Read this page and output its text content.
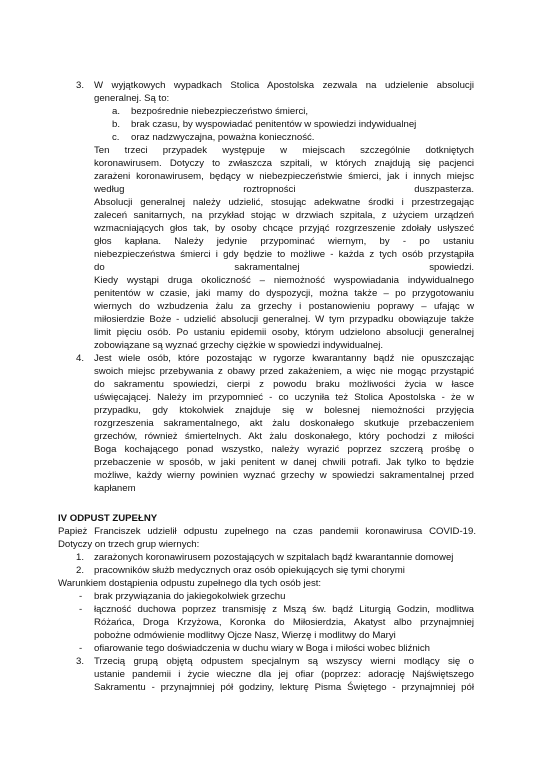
3. W wyjątkowych wypadkach Stolica Apostolska zezwala na udzielenie absolucji
generalnej. Są to:
a. bezpośrednie niebezpieczeństwo śmierci,
b. brak czasu, by wyspowiadać penitentów w spowiedzi indywidualnej
c. oraz nadzwyczajna, poważna konieczność.
Ten trzeci przypadek występuje w miejscach szczególnie dotkniętych
koronawirusem. Dotyczy to zwłaszcza szpitali, w których znajdują się pacjenci
zarażeni koronawirusem, będący w niebezpieczeństwie śmierci, jak i innych miejsc
według roztropności duszpasterza.
Absolucji generalnej należy udzielić, stosując adekwatne środki i przestrzegając
zaleceń sanitarnych, na przykład stojąc w drzwiach szpitala, z użyciem urządzeń
wzmacniających głos tak, by osoby chcące przyjąć rozgrzeszenie zdołały usłyszeć
głos kapłana. Należy jedynie przypominać wiernym, by - po ustaniu
niebezpieczeństwa śmierci i gdy będzie to możliwe - każda z tych osób przystąpiła
do sakramentalnej spowiedzi.
Kiedy wystąpi druga okoliczność – niemożność wyspowiadania indywidualnego
penitentów w czasie, jaki mamy do dyspozycji, można także – po przygotowaniu
wiernych do wzbudzenia żalu za grzechy i postanowieniu poprawy – ufając w
miłosierdzie Boże - udzielić absolucji generalnej. W tym przypadku obowiązuje także
limit pięciu osób. Po ustaniu epidemii osoby, którym udzielono absolucji generalnej
zobowiązane są wyznać grzechy ciężkie w spowiedzi indywidualnej.
4. Jest wiele osób, które pozostając w rygorze kwarantanny bądź nie opuszczając
swoich miejsc przebywania z obawy przed zakażeniem, a więc nie mogąc przystąpić
do sakramentu spowiedzi, cierpi z powodu braku możliwości życia w łasce
uświęcającej. Należy im przypomnieć - co uczyniła też Stolica Apostolska - że w
przypadku, gdy ktokolwiek znajduje się w bolesnej niemożności przyjęcia
rozgrzeszenia sakramentalnego, akt żalu doskonałego skutkuje przebaczeniem
grzechów, również śmiertelnych. Akt żalu doskonałego, który pochodzi z miłości
Boga kochającego ponad wszystko, należy wyrazić poprzez szczerą prośbę o
przebaczenie w sposób, w jaki penitent w danej chwili potrafi. Jak tylko to będzie
możliwe, każdy wierny powinien wyznać grzechy w spowiedzi sakramentalnej przed
kapłanem
IV ODPUST ZUPEŁNY
Papież Franciszek udzielił odpustu zupełnego na czas pandemii koronawirusa COVID-19.
Dotyczy on trzech grup wiernych:
1. zarażonych koronawirusem pozostających w szpitalach bądź kwarantannie domowej
2. pracowników służb medycznych oraz osób opiekujących się tymi chorymi
Warunkiem dostąpienia odpustu zupełnego dla tych osób jest:
- brak przywiązania do jakiegokolwiek grzechu
- łączność duchowa poprzez transmisję z Mszą św. bądź Liturgią Godzin, modlitwa
Różańca, Droga Krzyżowa, Koronka do Miłosierdzia, Akatyst albo przynajmniej
pobożne odmówienie modlitwy Ojcze Nasz, Wierzę i modlitwy do Maryi
- ofiarowanie tego doświadczenia w duchu wiary w Boga i miłości wobec bliźnich
3. Trzecią grupą objętą odpustem specjalnym są wszyscy wierni modlący się o
ustanie pandemii i życie wieczne dla jej ofiar (poprzez: adorację Najświętszego
Sakramentu - przynajmniej pół godziny, lekturę Pisma Świętego - przynajmniej pół
